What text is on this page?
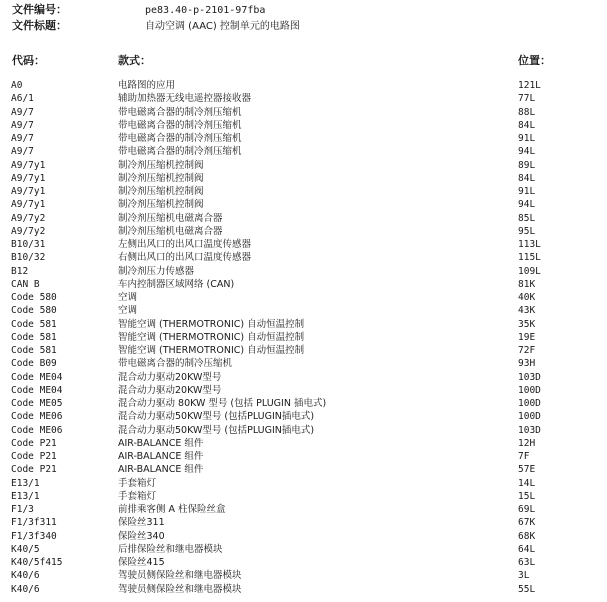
文件编号：	pe83.40-p-2101-97fba
文件标题：	自动空调 (AAC) 控制单元的电路图
代码：	款式：	位置：
A0	电路图的应用	121L
A6/1	辅助加热器无线电遥控器接收器	77L
A9/7	带电磁离合器的制冷剂压缩机	88L
A9/7	带电磁离合器的制冷剂压缩机	84L
A9/7	带电磁离合器的制冷剂压缩机	91L
A9/7	带电磁离合器的制冷剂压缩机	94L
A9/7y1	制冷剂压缩机控制阀	89L
A9/7y1	制冷剂压缩机控制阀	84L
A9/7y1	制冷剂压缩机控制阀	91L
A9/7y1	制冷剂压缩机控制阀	94L
A9/7y2	制冷剂压缩机电磁离合器	85L
A9/7y2	制冷剂压缩机电磁离合器	95L
B10/31	左侧出风口的出风口温度传感器	113L
B10/32	右侧出风口的出风口温度传感器	115L
B12	制冷剂压力传感器	109L
CAN B	车内控制器区域网络 (CAN)	81K
Code 580	空调	40K
Code 580	空调	43K
Code 581	智能空调 (THERMOTRONIC) 自动恒温控制	35K
Code 581	智能空调 (THERMOTRONIC) 自动恒温控制	19E
Code 581	智能空调 (THERMOTRONIC) 自动恒温控制	72F
Code B09	带电磁离合器的制冷压缩机	93H
Code ME04	混合动力驱动20KW型号	103D
Code ME04	混合动力驱动20KW型号	100D
Code ME05	混合动力驱动 80KW 型号 (包括 PLUGIN 插电式)	100D
Code ME06	混合动力驱动50KW型号 (包括PLUGIN插电式)	100D
Code ME06	混合动力驱动50KW型号 (包括PLUGIN插电式)	103D
Code P21	AIR-BALANCE 组件	12H
Code P21	AIR-BALANCE 组件	7F
Code P21	AIR-BALANCE 组件	57E
E13/1	手套箱灯	14L
E13/1	手套箱灯	15L
F1/3	前排乘客侧 A 柱保险丝盒	69L
F1/3f311	保险丝311	67K
F1/3f340	保险丝340	68K
K40/5	后排保险丝和继电器模块	64L
K40/5f415	保险丝415	63L
K40/6	驾驶员侧保险丝和继电器模块	3L
K40/6	驾驶员侧保险丝和继电器模块	55L
